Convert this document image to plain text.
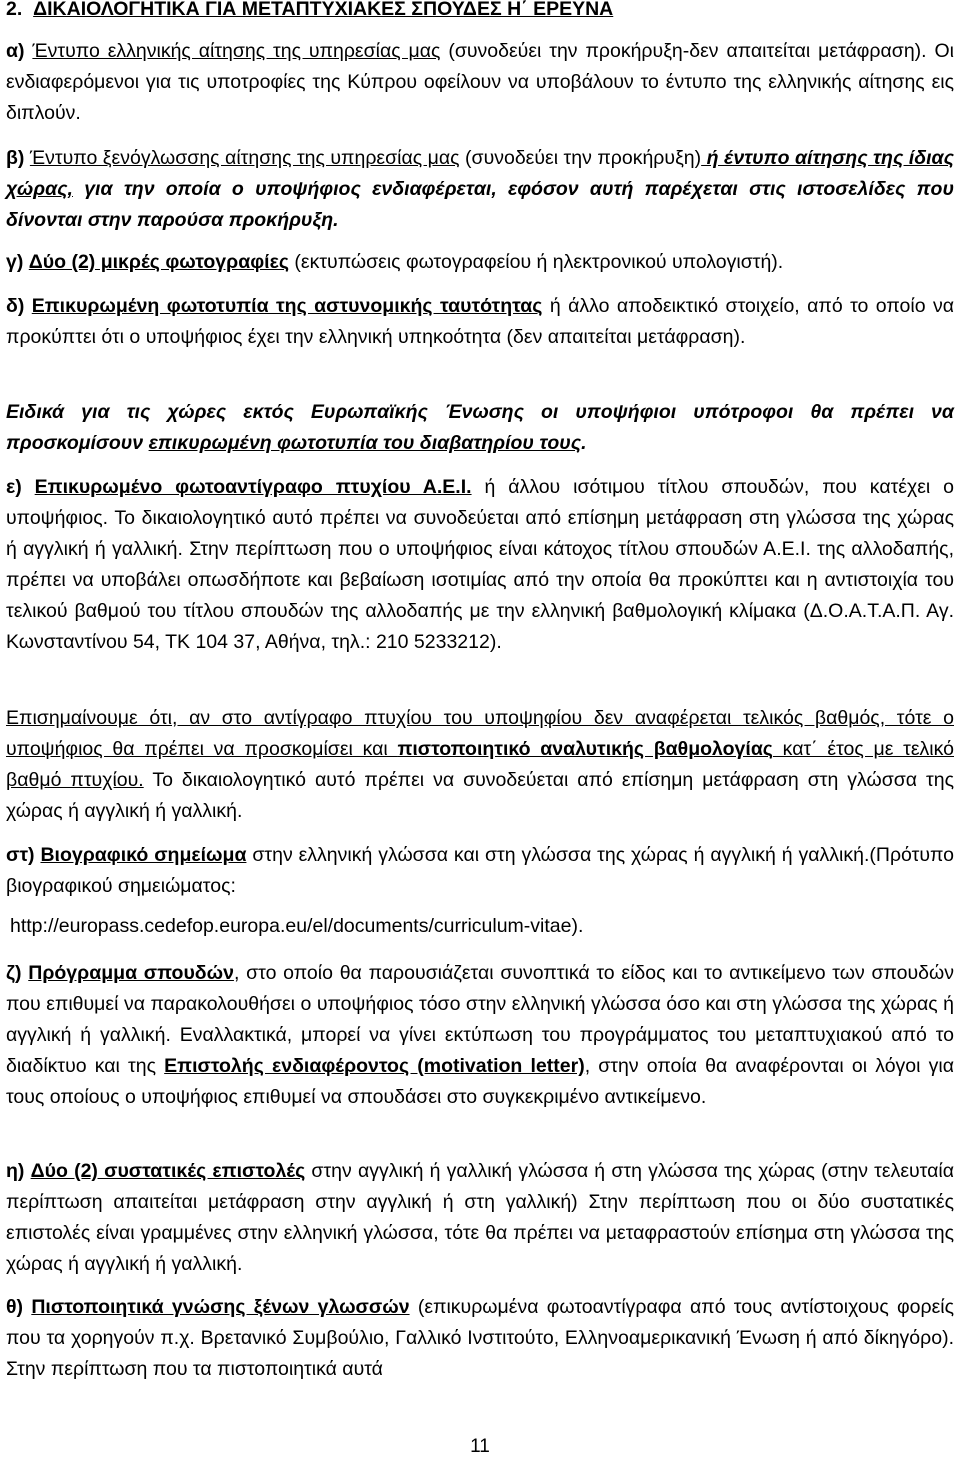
2. ΔΙΚΑΙΟΛΟΓΗΤΙΚΑ ΓΙΑ ΜΕΤΑΠΤΥΧΙΑΚΕΣ ΣΠΟΥΔΕΣ Η΄ ΕΡΕΥΝΑ

α) Έντυπο ελληνικής αίτησης της υπηρεσίας μας (συνοδεύει την προκήρυξη-δεν απαιτείται μετάφραση). Οι ενδιαφερόμενοι για τις υποτροφίες της Κύπρου οφείλουν να υποβάλουν το έντυπο της ελληνικής αίτησης εις διπλούν.

β) Έντυπο ξενόγλωσσης αίτησης της υπηρεσίας μας (συνοδεύει την προκήρυξη) ή έντυπο αίτησης της ίδιας χώρας, για την οποία ο υποψήφιος ενδιαφέρεται, εφόσον αυτή παρέχεται στις ιστοσελίδες που δίνονται στην παρούσα προκήρυξη.

γ) Δύο (2) μικρές φωτογραφίες (εκτυπώσεις φωτογραφείου ή ηλεκτρονικού υπολογιστή).

δ) Επικυρωμένη φωτοτυπία της αστυνομικής ταυτότητας ή άλλο αποδεικτικό στοιχείο, από το οποίο να προκύπτει ότι ο υποψήφιος έχει την ελληνική υπηκοότητα (δεν απαιτείται μετάφραση).

Ειδικά για τις χώρες εκτός Ευρωπαϊκής Ένωσης οι υποψήφιοι υπότροφοι θα πρέπει να προσκομίσουν επικυρωμένη φωτοτυπία του διαβατηρίου τους.

ε) Επικυρωμένο φωτοαντίγραφο πτυχίου Α.Ε.Ι. ή άλλου ισότιμου τίτλου σπουδών, που κατέχει ο υποψήφιος. Το δικαιολογητικό αυτό πρέπει να συνοδεύεται από επίσημη μετάφραση στη γλώσσα της χώρας ή αγγλική ή γαλλική. Στην περίπτωση που ο υποψήφιος είναι κάτοχος τίτλου σπουδών Α.Ε.Ι. της αλλοδαπής, πρέπει να υποβάλει οπωσδήποτε και βεβαίωση ισοτιμίας από την οποία θα προκύπτει και η αντιστοιχία του τελικού βαθμού του τίτλου σπουδών της αλλοδαπής με την ελληνική βαθμολογική κλίμακα (Δ.Ο.Α.Τ.Α.Π. Αγ. Κωνσταντίνου 54, ΤΚ 104 37, Αθήνα, τηλ.: 210 5233212).

Επισημαίνουμε ότι, αν στο αντίγραφο πτυχίου του υποψηφίου δεν αναφέρεται τελικός βαθμός, τότε ο υποψήφιος θα πρέπει να προσκομίσει και πιστοποιητικό αναλυτικής βαθμολογίας κατ΄ έτος με τελικό βαθμό πτυχίου. Το δικαιολογητικό αυτό πρέπει να συνοδεύεται από επίσημη μετάφραση στη γλώσσα της χώρας ή αγγλική ή γαλλική.

στ) Βιογραφικό σημείωμα στην ελληνική γλώσσα και στη γλώσσα της χώρας ή αγγλική ή γαλλική.(Πρότυπο βιογραφικού σημειώματος:

http://europass.cedefop.europa.eu/el/documents/curriculum-vitae).

ζ) Πρόγραμμα σπουδών, στο οποίο θα παρουσιάζεται συνοπτικά το είδος και το αντικείμενο των σπουδών που επιθυμεί να παρακολουθήσει ο υποψήφιος τόσο στην ελληνική γλώσσα όσο και στη γλώσσα της χώρας ή αγγλική ή γαλλική. Εναλλακτικά, μπορεί να γίνει εκτύπωση του προγράμματος του μεταπτυχιακού από το διαδίκτυο και της Επιστολής ενδιαφέροντος (motivation letter), στην οποία θα αναφέρονται οι λόγοι για τους οποίους ο υποψήφιος επιθυμεί να σπουδάσει στο συγκεκριμένο αντικείμενο.

η) Δύο (2) συστατικές επιστολές στην αγγλική ή γαλλική γλώσσα ή στη γλώσσα της χώρας (στην τελευταία περίπτωση απαιτείται μετάφραση στην αγγλική ή στη γαλλική) Στην περίπτωση που οι δύο συστατικές επιστολές είναι γραμμένες στην ελληνική γλώσσα, τότε θα πρέπει να μεταφραστούν επίσημα στη γλώσσα της χώρας ή αγγλική ή γαλλική.

θ) Πιστοποιητικά γνώσης ξένων γλωσσών (επικυρωμένα φωτοαντίγραφα από τους αντίστοιχους φορείς που τα χορηγούν π.χ. Βρετανικό Συμβούλιο, Γαλλικό Ινστιτούτο, Ελληνοαμερικανική Ένωση ή από δίκηγόρο). Στην περίπτωση που τα πιστοποιητικά αυτά

11
